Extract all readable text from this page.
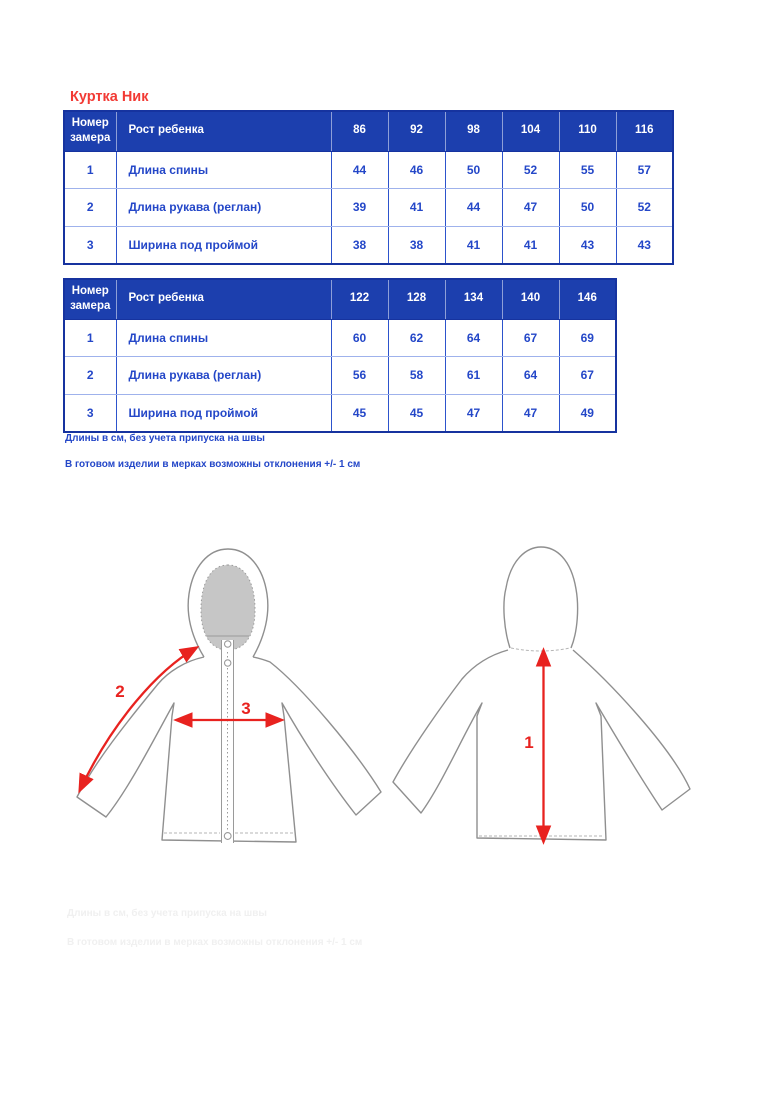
Куртка Ник
Номер замера	Рост ребенка	86	92	98	104	110	116
1	Длина спины	44	46	50	52	55	57
2	Длина рукава (реглан)	39	41	44	47	50	52
3	Ширина под проймой	38	38	41	41	43	43
Номер замера	Рост ребенка	122	128	134	140	146
1	Длина спины	60	62	64	67	69
2	Длина рукава (реглан)	56	58	61	64	67
3	Ширина под проймой	45	45	47	47	49
Длины в см, без учета припуска на швы
В готовом изделии в мерках возможны отклонения +/- 1 см
2
3
1
Длины в см, без учета припуска на швы
В готовом изделии в мерках возможны отклонения +/- 1 см
